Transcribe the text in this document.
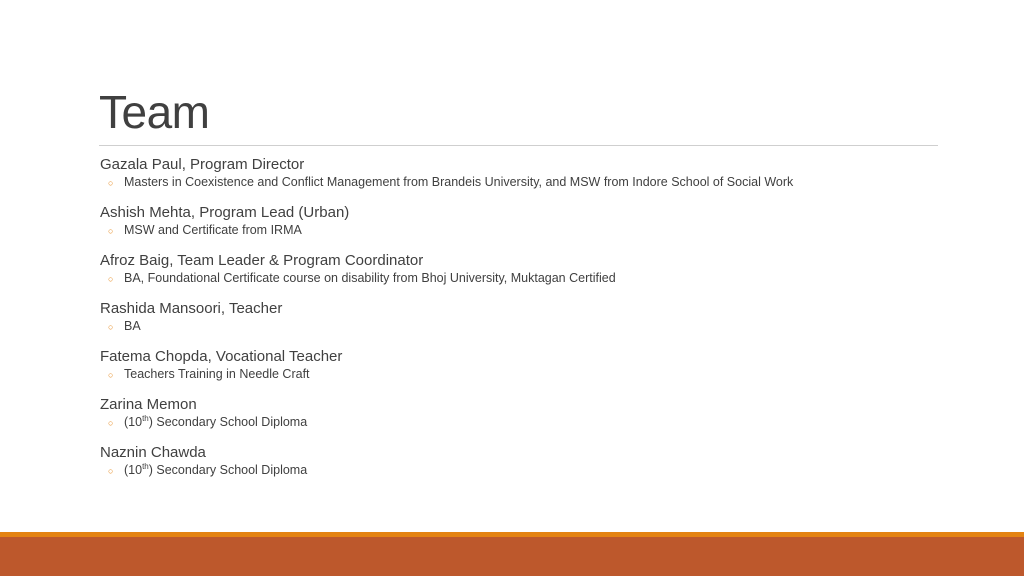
Team
Gazala Paul, Program Director
○ Masters in Coexistence and Conflict Management from Brandeis University, and MSW from Indore School of Social Work
Ashish Mehta, Program Lead (Urban)
○ MSW and Certificate from IRMA
Afroz Baig, Team Leader & Program Coordinator
○ BA, Foundational Certificate course on disability from Bhoj University, Muktagan Certified
Rashida Mansoori, Teacher
○ BA
Fatema Chopda, Vocational Teacher
○ Teachers Training in Needle Craft
Zarina Memon
○ (10th) Secondary School Diploma
Naznin Chawda
○ (10th) Secondary School Diploma
